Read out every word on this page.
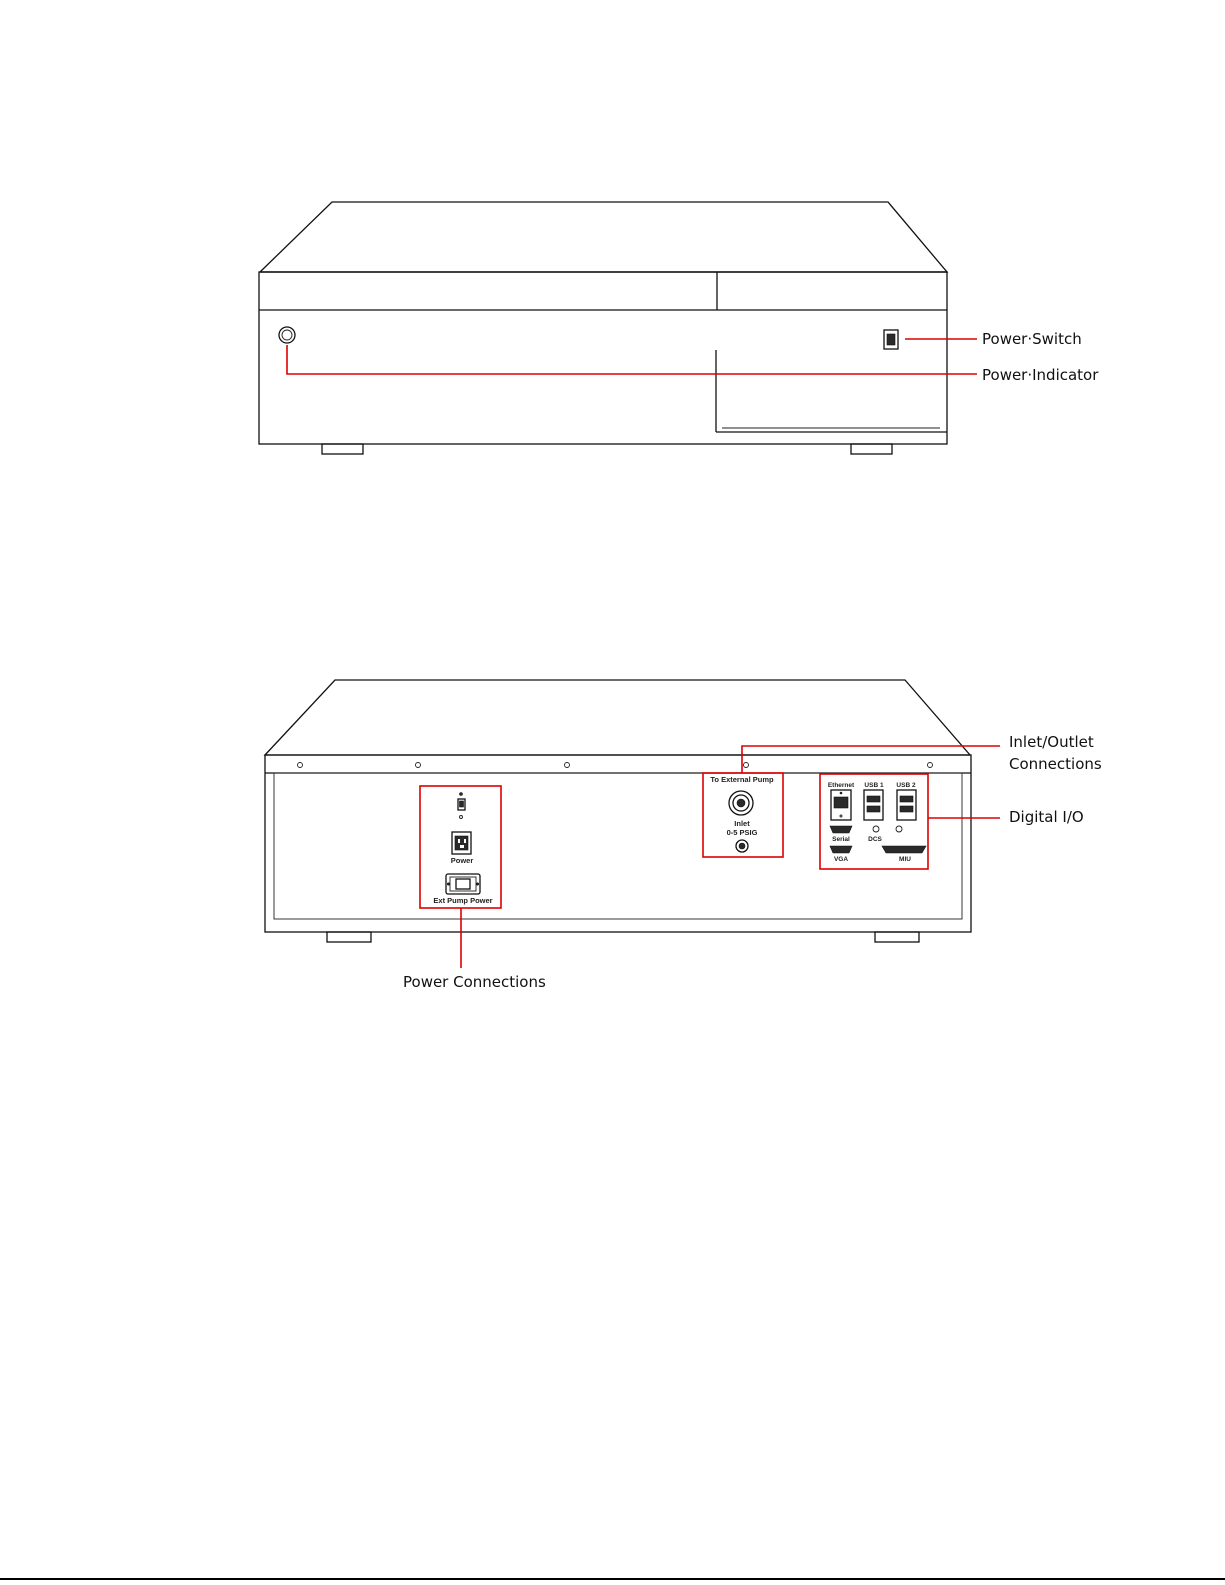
Power·Switch
Power·Indicator
Power
Ext Pump Power
To External Pump
Inlet
0-5 PSIG
Ethernet USB 1 USB 2
Serial	DCS
VGA	MIU
Inlet/Outlet
Connections
Digital I/O
Power Connections
